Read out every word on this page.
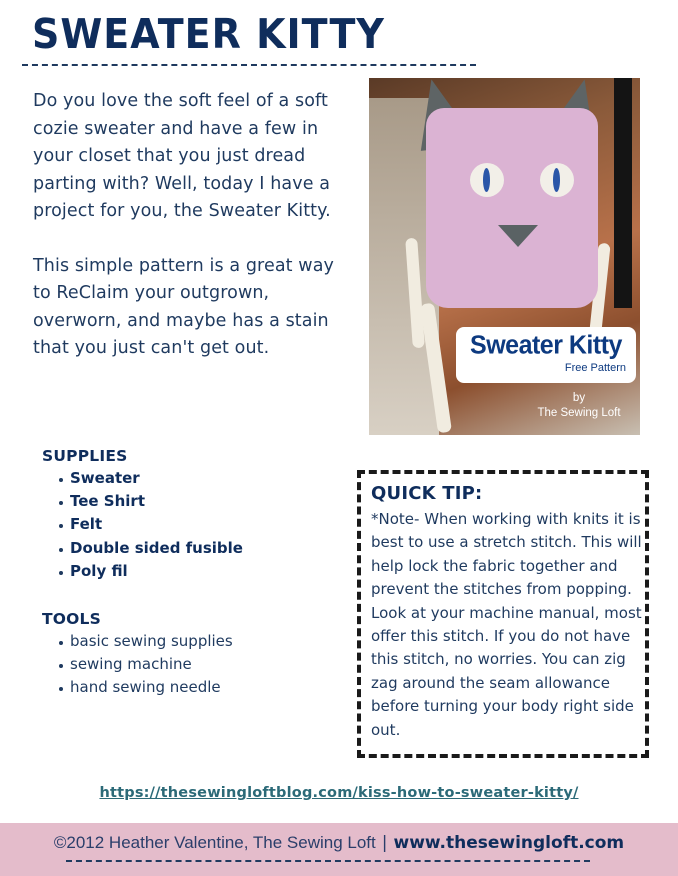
SWEATER KITTY

Do you love the soft feel of a soft cozie sweater and have a few in your closet that you just dread parting with? Well, today I have a project for you, the Sweater Kitty.

This simple pattern is a great way to ReClaim your outgrown, overworn, and maybe has a stain that you just can't get out.	Sweater Kitty
Free Pattern
by
The Sewing Loft
SUPPLIES
Sweater
Tee Shirt
Felt
Double sided fusible
Poly fil
TOOLS
basic sewing supplies
sewing machine
hand sewing needle
QUICK TIP:
*Note- When working with knits it is best to use a stretch stitch. This will help lock the fabric together and prevent the stitches from popping. Look at your machine manual, most offer this stitch. If you do not have this stitch, no worries. You can zig zag around the seam allowance before turning your body right side out.
https://thesewingloftblog.com/kiss-how-to-sweater-kitty/
©2012 Heather Valentine, The Sewing Loft | www.thesewingloft.com
